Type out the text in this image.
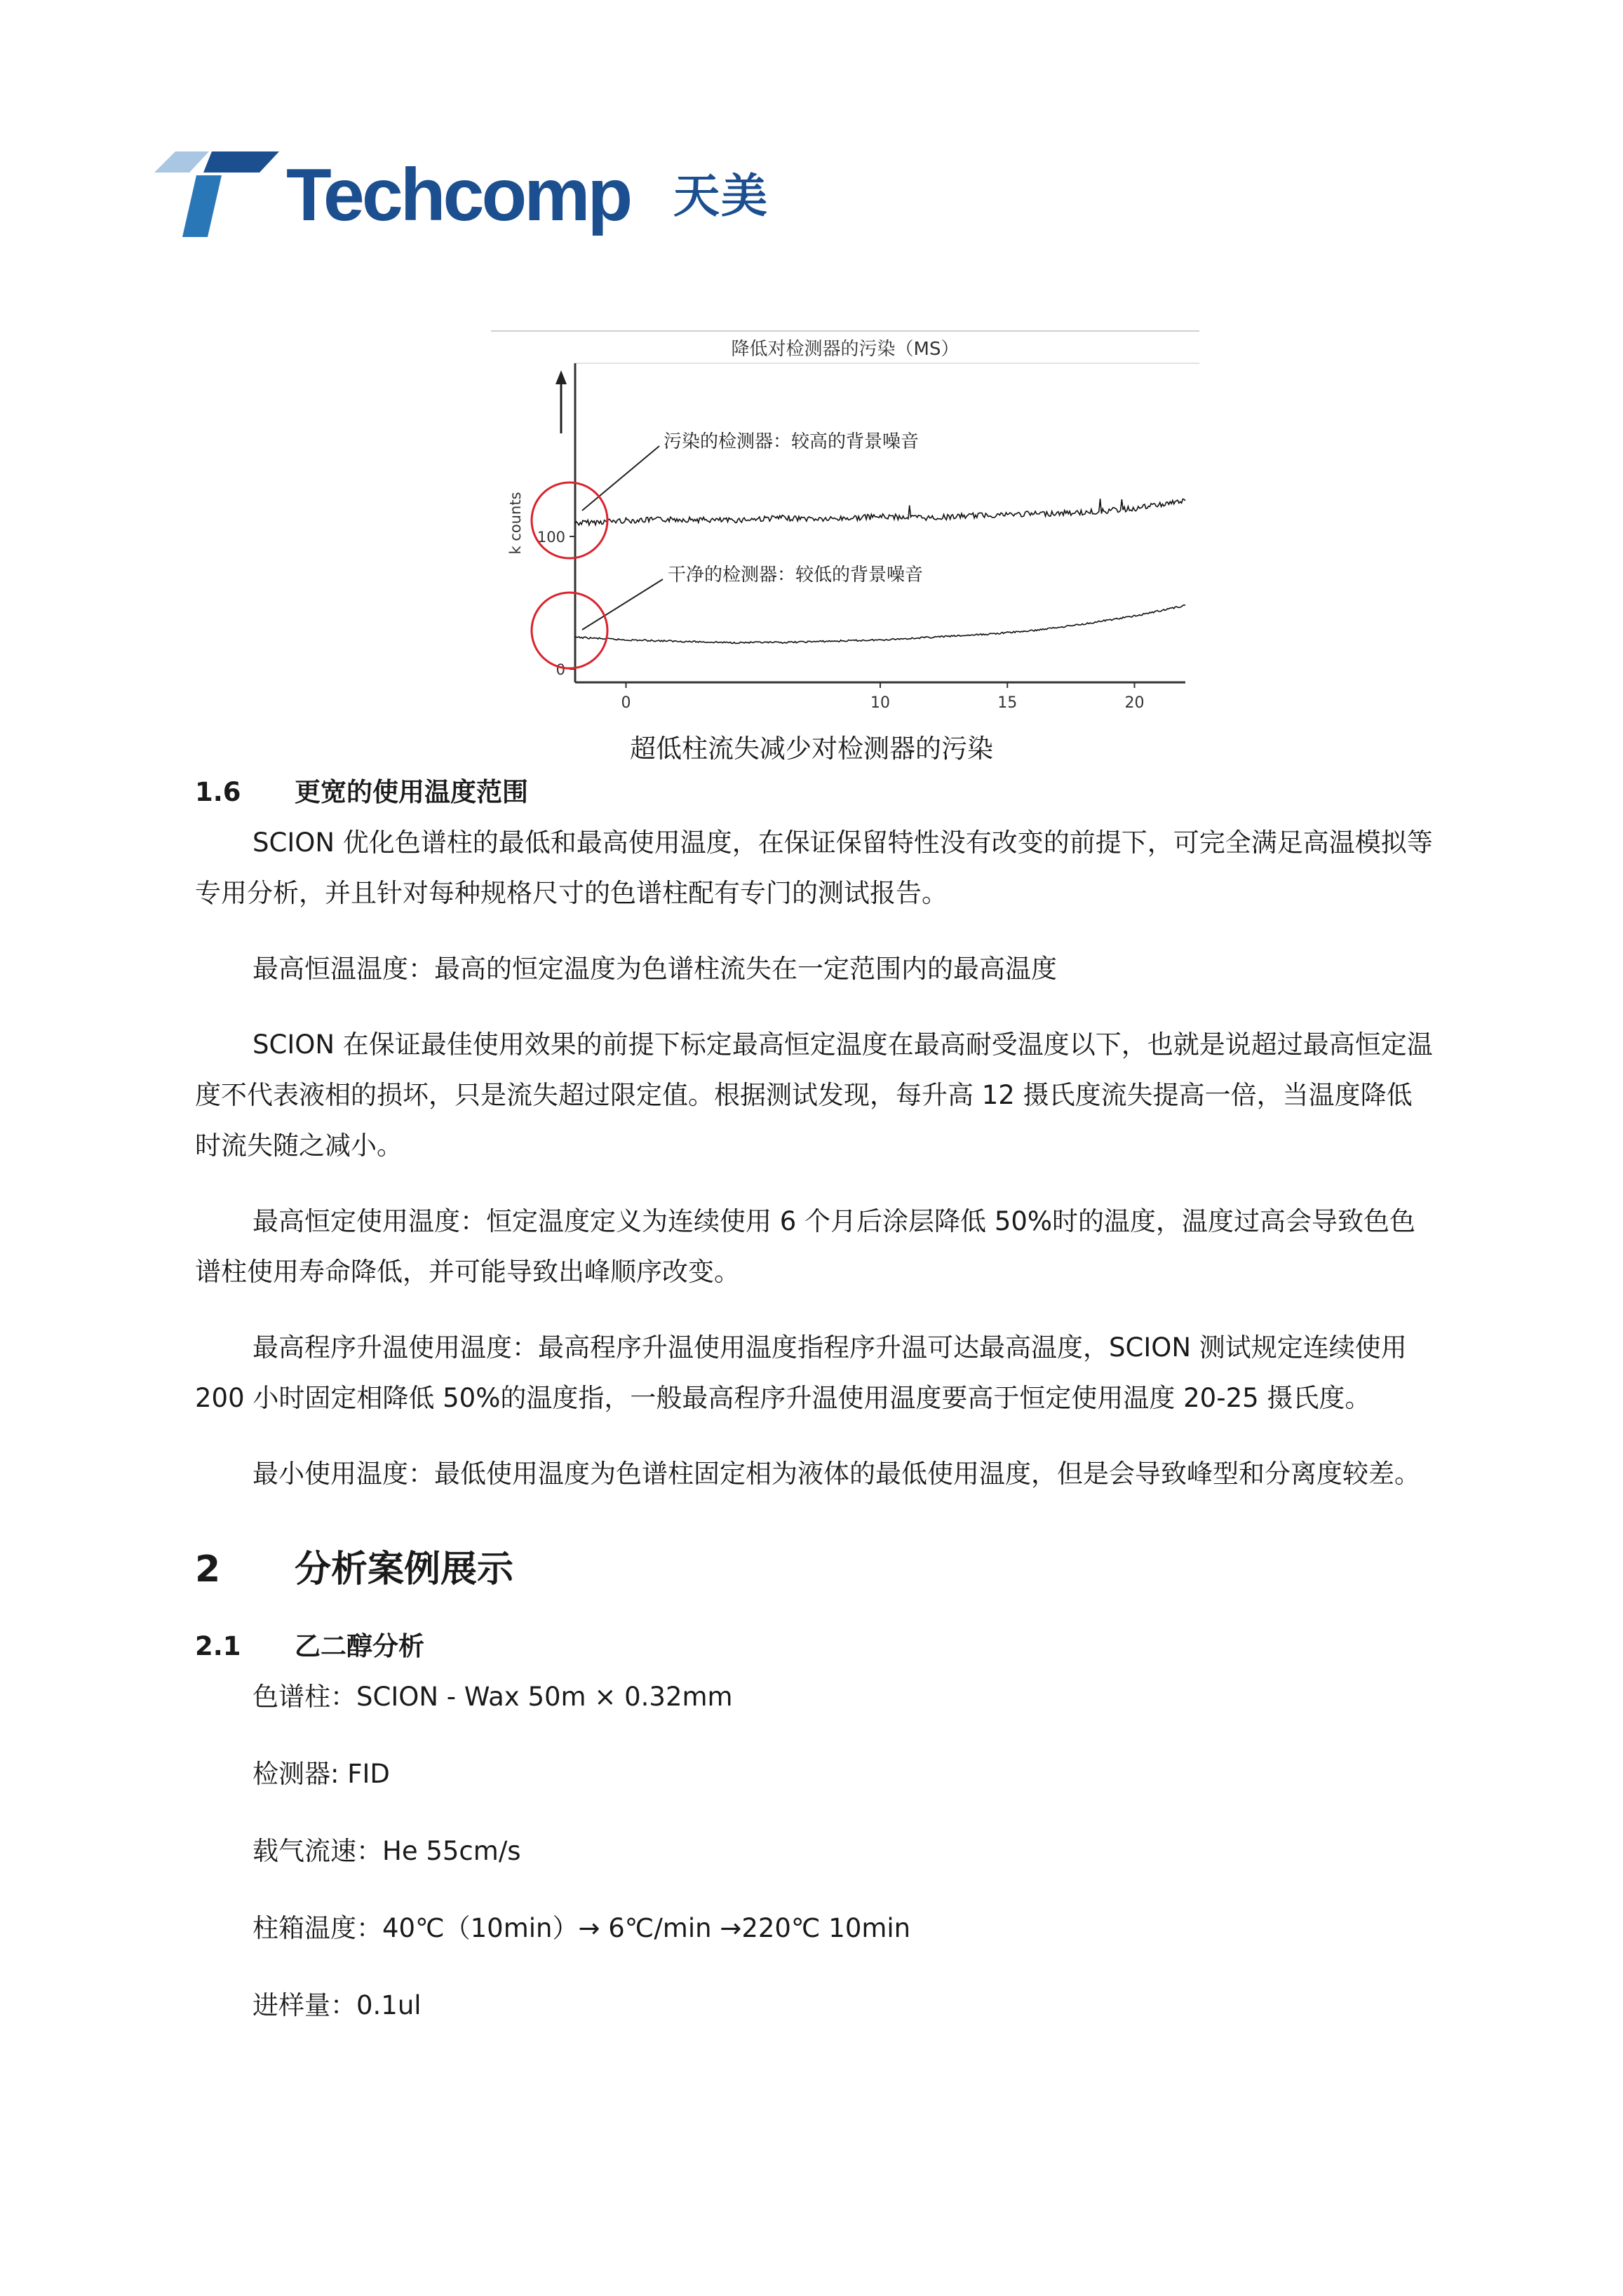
Techcomp 天美
降低对检测器的污染（MS）
k counts
0	10	15	20
0
100
污染的检测器：较高的背景噪音
干净的检测器：较低的背景噪音
超低柱流失减少对检测器的污染
1.6	更宽的使用温度范围

SCION 优化色谱柱的最低和最高使用温度，在保证保留特性没有改变的前提下，可完全满足高温模拟等专用分析，并且针对每种规格尺寸的色谱柱配有专门的测试报告。

最高恒温温度：最高的恒定温度为色谱柱流失在一定范围内的最高温度

SCION 在保证最佳使用效果的前提下标定最高恒定温度在最高耐受温度以下，也就是说超过最高恒定温度不代表液相的损坏，只是流失超过限定值。根据测试发现，每升高 12 摄氏度流失提高一倍，当温度降低时流失随之减小。

最高恒定使用温度：恒定温度定义为连续使用 6 个月后涂层降低 50%时的温度，温度过高会导致色色谱柱使用寿命降低，并可能导致出峰顺序改变。

最高程序升温使用温度：最高程序升温使用温度指程序升温可达最高温度，SCION 测试规定连续使用 200 小时固定相降低 50%的温度指，一般最高程序升温使用温度要高于恒定使用温度 20-25 摄氏度。

最小使用温度：最低使用温度为色谱柱固定相为液体的最低使用温度，但是会导致峰型和分离度较差。

2	分析案例展示
2.1	乙二醇分析

色谱柱：SCION - Wax 50m × 0.32mm

检测器: FID

载气流速：He 55cm/s

柱箱温度：40℃（10min）→ 6℃/min →220℃ 10min

进样量：0.1ul
